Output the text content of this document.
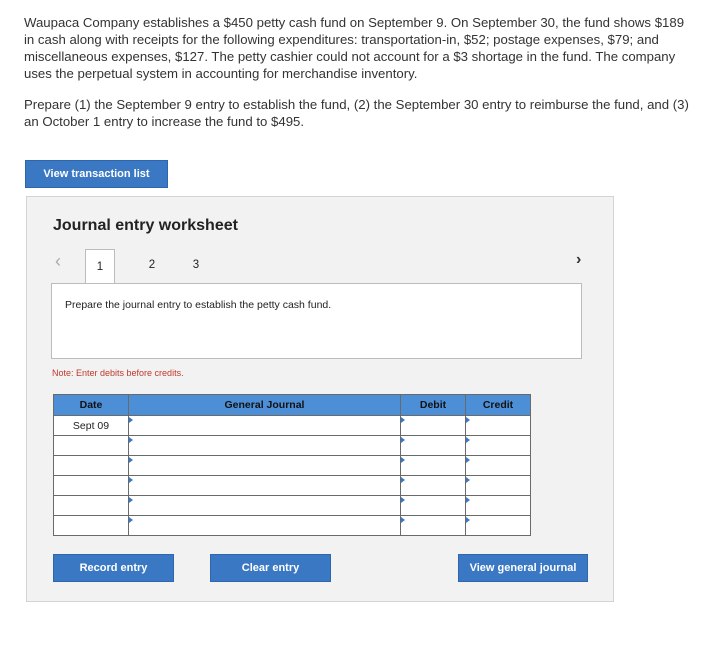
Waupaca Company establishes a $450 petty cash fund on September 9. On September 30, the fund shows $189 in cash along with receipts for the following expenditures: transportation-in, $52; postage expenses, $79; and miscellaneous expenses, $127. The petty cashier could not account for a $3 shortage in the fund. The company uses the perpetual system in accounting for merchandise inventory.

Prepare (1) the September 9 entry to establish the fund, (2) the September 30 entry to reimburse the fund, and (3) an October 1 entry to increase the fund to $495.

View transaction list
Journal entry worksheet
‹	›
1	2	3
Prepare the journal entry to establish the petty cash fund.
Note: Enter debits before credits.
Date	General Journal	Debit	Credit
Sept 09			

Record entry	Clear entry	View general journal
